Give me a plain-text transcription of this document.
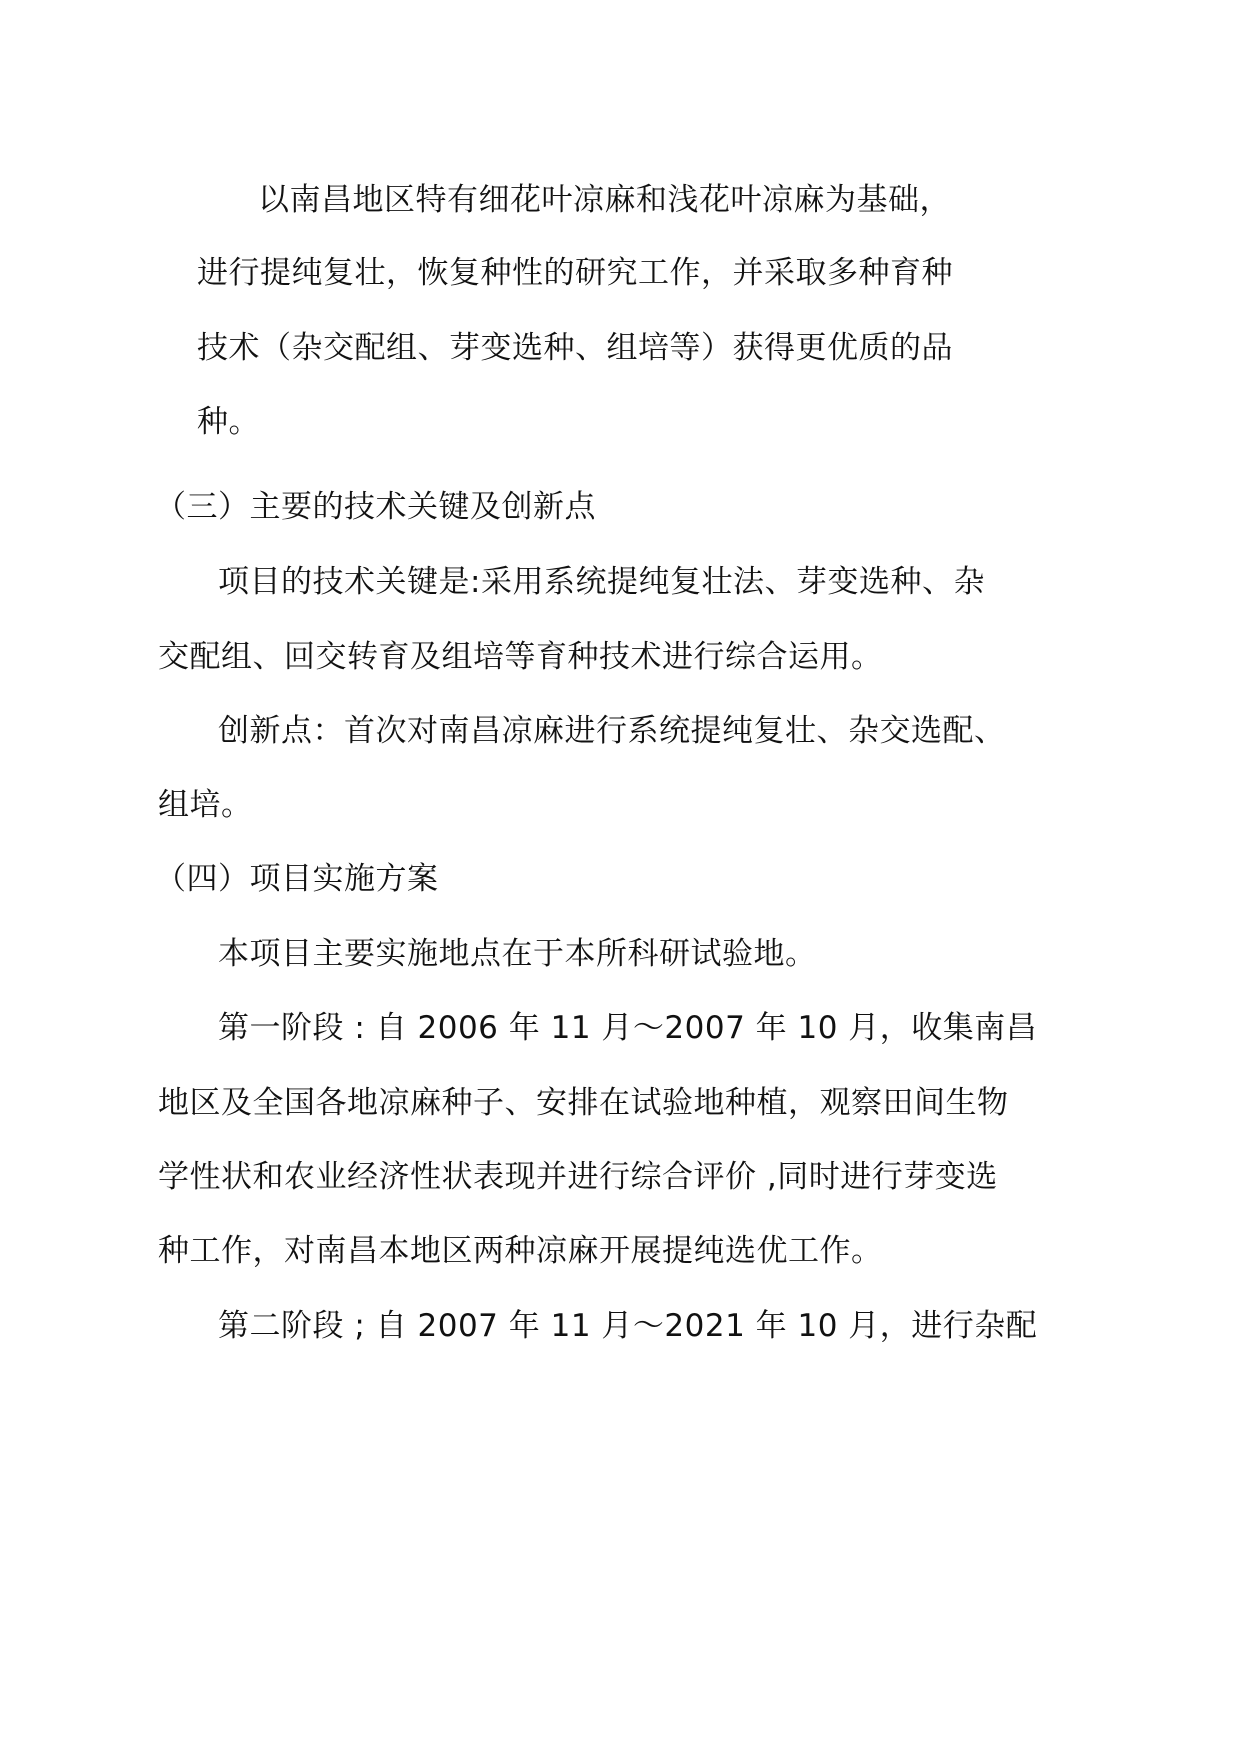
以南昌地区特有细花叶凉麻和浅花叶凉麻为基础，
进行提纯复壮，恢复种性的研究工作，并采取多种育种
技术（杂交配组、芽变选种、组培等）获得更优质的品
种。
（三）主要的技术关键及创新点
项目的技术关键是:采用系统提纯复壮法、芽变选种、杂
交配组、回交转育及组培等育种技术进行综合运用。
创新点：首次对南昌凉麻进行系统提纯复壮、杂交选配、
组培。
（四）项目实施方案
本项目主要实施地点在于本所科研试验地。
第一阶段 : 自 2006 年 11 月～2007 年 10 月，收集南昌
地区及全国各地凉麻种子、安排在试验地种植，观察田间生物
学性状和农业经济性状表现并进行综合评价 ,同时进行芽变选
种工作，对南昌本地区两种凉麻开展提纯选优工作。
第二阶段 ; 自 2007 年 11 月～2021 年 10 月，进行杂配
